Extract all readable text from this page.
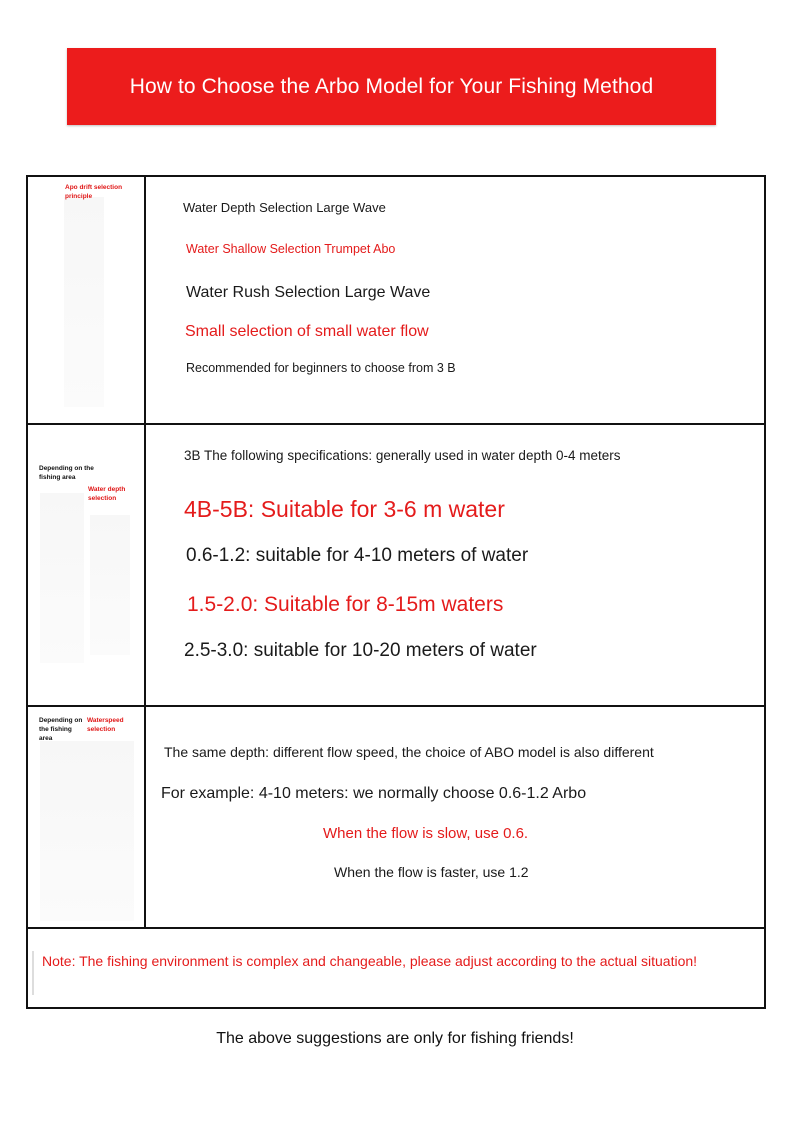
How to Choose the Arbo Model for Your Fishing Method
Apo drift selection principle
Water Depth Selection Large Wave
Water Shallow Selection Trumpet Abo
Water Rush Selection Large Wave
Small selection of small water flow
Recommended for beginners to choose from 3 B
Depending on the fishing area
Water depth selection
3B The following specifications: generally used in water depth 0-4 meters
4B-5B: Suitable for 3-6 m water
0.6-1.2: suitable for 4-10 meters of water
1.5-2.0: Suitable for 8-15m waters
2.5-3.0: suitable for 10-20 meters of water
Depending on the fishing area
Waterspeed selection
The same depth: different flow speed, the choice of ABO model is also different
For example: 4-10 meters: we normally choose 0.6-1.2 Arbo
When the flow is slow, use 0.6.
When the flow is faster, use 1.2
Note: The fishing environment is complex and changeable, please adjust according to the actual situation!
The above suggestions are only for fishing friends!
